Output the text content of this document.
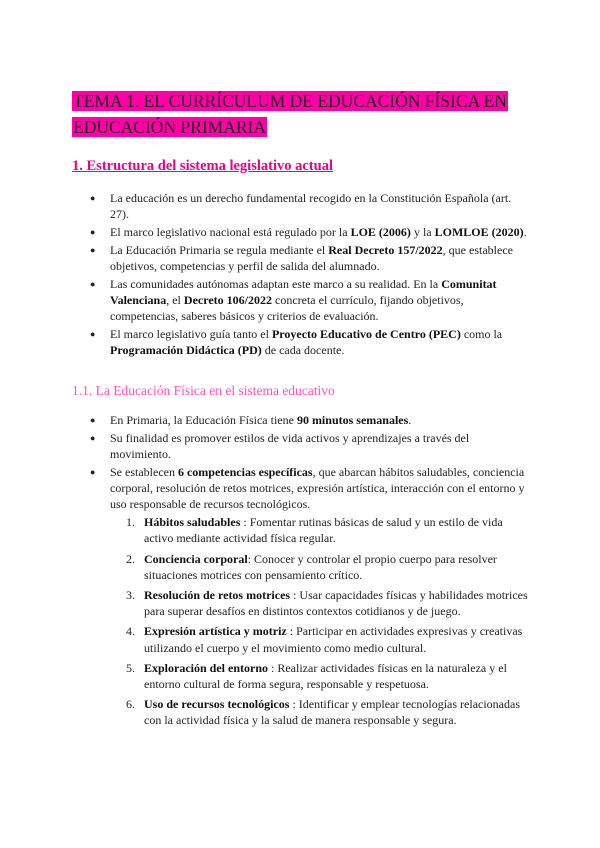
TEMA 1. EL CURRÍCULUM DE EDUCACIÓN FÍSICA EN
EDUCACIÓN PRIMARIA
1. Estructura del sistema legislativo actual
● La educación es un derecho fundamental recogido en la Constitución Española (art. 27).
● El marco legislativo nacional está regulado por la LOE (2006) y la LOMLOE (2020).
● La Educación Primaria se regula mediante el Real Decreto 157/2022, que establece objetivos, competencias y perfil de salida del alumnado.
● Las comunidades autónomas adaptan este marco a su realidad. En la Comunitat Valenciana, el Decreto 106/2022 concreta el currículo, fijando objetivos, competencias, saberes básicos y criterios de evaluación.
● El marco legislativo guía tanto el Proyecto Educativo de Centro (PEC) como la Programación Didáctica (PD) de cada docente.
1.1. La Educación Física en el sistema educativo
● En Primaria, la Educación Física tiene 90 minutos semanales.
● Su finalidad es promover estilos de vida activos y aprendizajes a través del movimiento.
● Se establecen 6 competencias específicas, que abarcan hábitos saludables, conciencia corporal, resolución de retos motrices, expresión artística, interacción con el entorno y uso responsable de recursos tecnológicos.
1. Hábitos saludables : Fomentar rutinas básicas de salud y un estilo de vida activo mediante actividad física regular.
2. Conciencia corporal: Conocer y controlar el propio cuerpo para resolver situaciones motrices con pensamiento crítico.
3. Resolución de retos motrices : Usar capacidades físicas y habilidades motrices para superar desafíos en distintos contextos cotidianos y de juego.
4. Expresión artística y motriz : Participar en actividades expresivas y creativas utilizando el cuerpo y el movimiento como medio cultural.
5. Exploración del entorno : Realizar actividades físicas en la naturaleza y el entorno cultural de forma segura, responsable y respetuosa.
6. Uso de recursos tecnológicos : Identificar y emplear tecnologías relacionadas con la actividad física y la salud de manera responsable y segura.
